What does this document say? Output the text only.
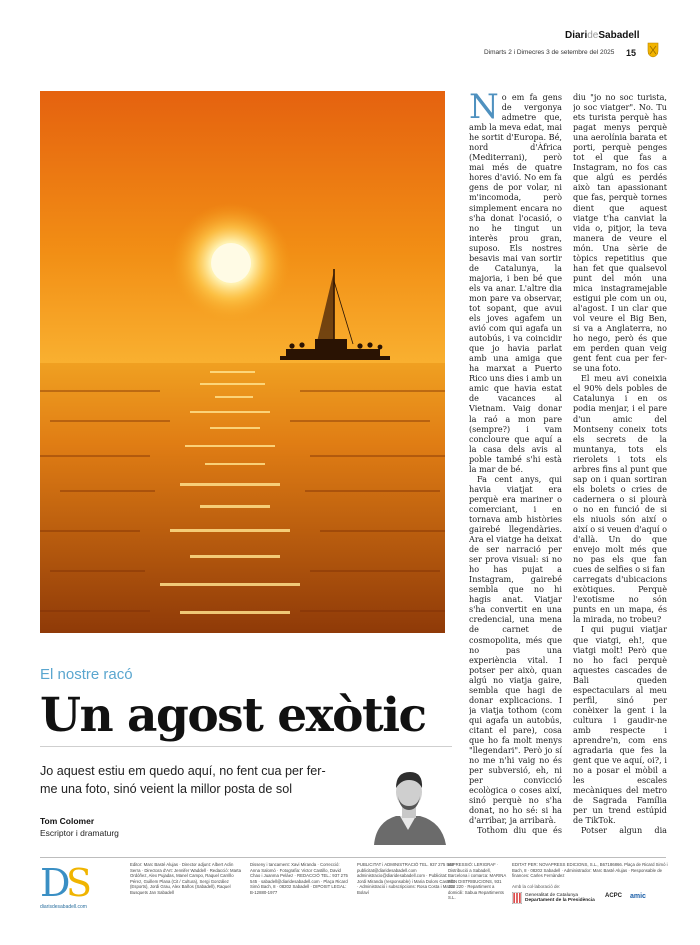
DiarideSabadell
Dimarts 2 i Dimecres 3 de setembre del 2025 15
El nostre racó
Un agost exòtic
Jo aquest estiu em quedo aquí, no fent cua per fer-me una foto, sinó veient la millor posta de sol
Tom Colomer
Escriptor i dramaturg

No em fa gens de vergonya admetre que, amb la meva edat, mai he sortit d'Europa. Bé, nord d'Àfrica (Mediterrani), però mai més de quatre hores d'avió. No em fa gens de por volar, ni m'incomoda, però simplement encara no s'ha donat l'ocasió, o no he tingut un interès prou gran, suposo. Els nostres besavis mai van sortir de Catalunya, la majoria, i ben bé que els va anar. L'altre dia mon pare va observar, tot sopant, que avui els joves agafem un avió com qui agafa un autobús, i va coincidir que jo havia parlat amb una amiga que ha marxat a Puerto Rico uns dies i amb un amic que havia estat de vacances al Vietnam. Vaig donar la raó a mon pare (sempre?) i vam concloure que aquí a la casa dels avis al poble també s'hi està la mar de bé.

Fa cent anys, qui havia viatjat era perquè era mariner o comerciant, i en tornava amb històries gairebé llegendàries. Ara el viatge ha deixat de ser narració per ser prova visual: si no ho has pujat a Instagram, gairebé sembla que no hi hagis anat. Viatjar s'ha convertit en una credencial, una mena de carnet de cosmopolita, més que no pas una experiència vital. I potser per això, quan algú no viatja gaire, sembla que hagi de donar explicacions. I ja viatja tothom (com qui agafa un autobús, citant el pare), cosa que ho fa molt menys "llegendari". Però jo sí no me n'hi vaig no és per subversió, eh, ni per convicció ecològica o coses així, sinó perquè no s'ha donat, no ho sé: si ha d'arribar, ja arribarà.

Tothom diu que és

diu "jo no soc turista, jo soc viatger". No. Tu ets turista perquè has pagat menys perquè una aerolínia barata et porti, perquè penges tot el que fas a Instagram, no fos cas que algú es perdés això tan apassionant que fas, perquè tornes dient que aquest viatge t'ha canviat la vida o, pitjor, la teva manera de veure el món. Una sèrie de tòpics repetitius que han fet que qualsevol punt del món una mica instagramejable estigui ple com un ou, al'agost. I un clar que vol veure el Big Ben, si va a Anglaterra, no ho nego, però és que em perden quan veig gent fent cua per fer-se una foto.

El meu avi coneixia el 90% dels pobles de Catalunya i en os podia menjar, i el pare d'un amic del Montseny coneix tots els secrets de la muntanya, tots els rierolets i tots els arbres fins al punt que sap on i quan sortiran els bolets o cries de cadernera o si plourà o no en funció de si els niuols són així o així o si veuen d'aquí o d'allà. Un do que envejo molt més que no pas els que fan cues de selfies o si fan

carregats d'ubicacions exòtiques. Perquè l'exotisme no són punts en un mapa, és la mirada, no trobeu?

I qui pugui viatjar que viatgi, eh!, que viatgi molt! Però que no ho faci perquè aquestes cascades de Bali queden espectaculars al meu perfil, sinó per conèixer la gent i la cultura i gaudir-ne amb respecte i aprendre'n, com ens agradaria que fes la gent que ve aquí, oi?, i no a posar el mòbil a les escales mecàniques del metro de Sagrada Família per un trend estúpid de TikTok.

Potser algun dia

D
S
diarisdesabadell.com
Editor: Marc Basté Alujas · Director adjunt: Albert Aclin Serra · Directora d'Art: Jennifer Waddell · Redacció: Marta Ordóñez, Alex Pujadas, Manel Campo, Raquel Carrillo Pérez, Guillem Plana (Cit / Cultura), Sergi González (Esports), Jordi Grau, Alex Baños (Sabadell), Raquel Busquets Jan Sabadell
Disseny i tancament: Xavi Miranda · Correcció: Anna Salomó · Fotografia: Victor Castillo, David Chao i Juanma Peláez · REDACCIÓ TEL.: 937 275 545 · sabadell@diaridesabadell.com · Plaça Ricard Simó Bach, 8 · 08202 Sabadell · DIPOSIT LEGAL: B-12880-1977
PUBLICITAT i ADMINISTRACIÓ TEL. 937 275 545 publicitat@diaridesabadell.com administracio@diaridesabadell.com · Publicitat: Jordi Miranda (responsable) i Maria Dolors Castells · Administració i subscripcions: Rosa Costa i Marta Bolaví
IMPRESSIÓ: LERIGRAF · Distribució a Sabadell, Barcelona i comarca: MARINA BCN DISTRIBUCIONS, 931 163 220 · Repartiment a domicili: Sabua Repartiments S.L.
EDITAT PER: NOVAPRESS EDICIONS, S.L., B67186866. Plaça de Ricard Simó i Bach, 8 · 08202 Sabadell · Administrador: Marc Basté Alujas · Responsable de finances: Carles Fernàndez
Amb la col·laboració de:
Generalitat de Catalunya
Departament de la Presidència
ACPC amic
